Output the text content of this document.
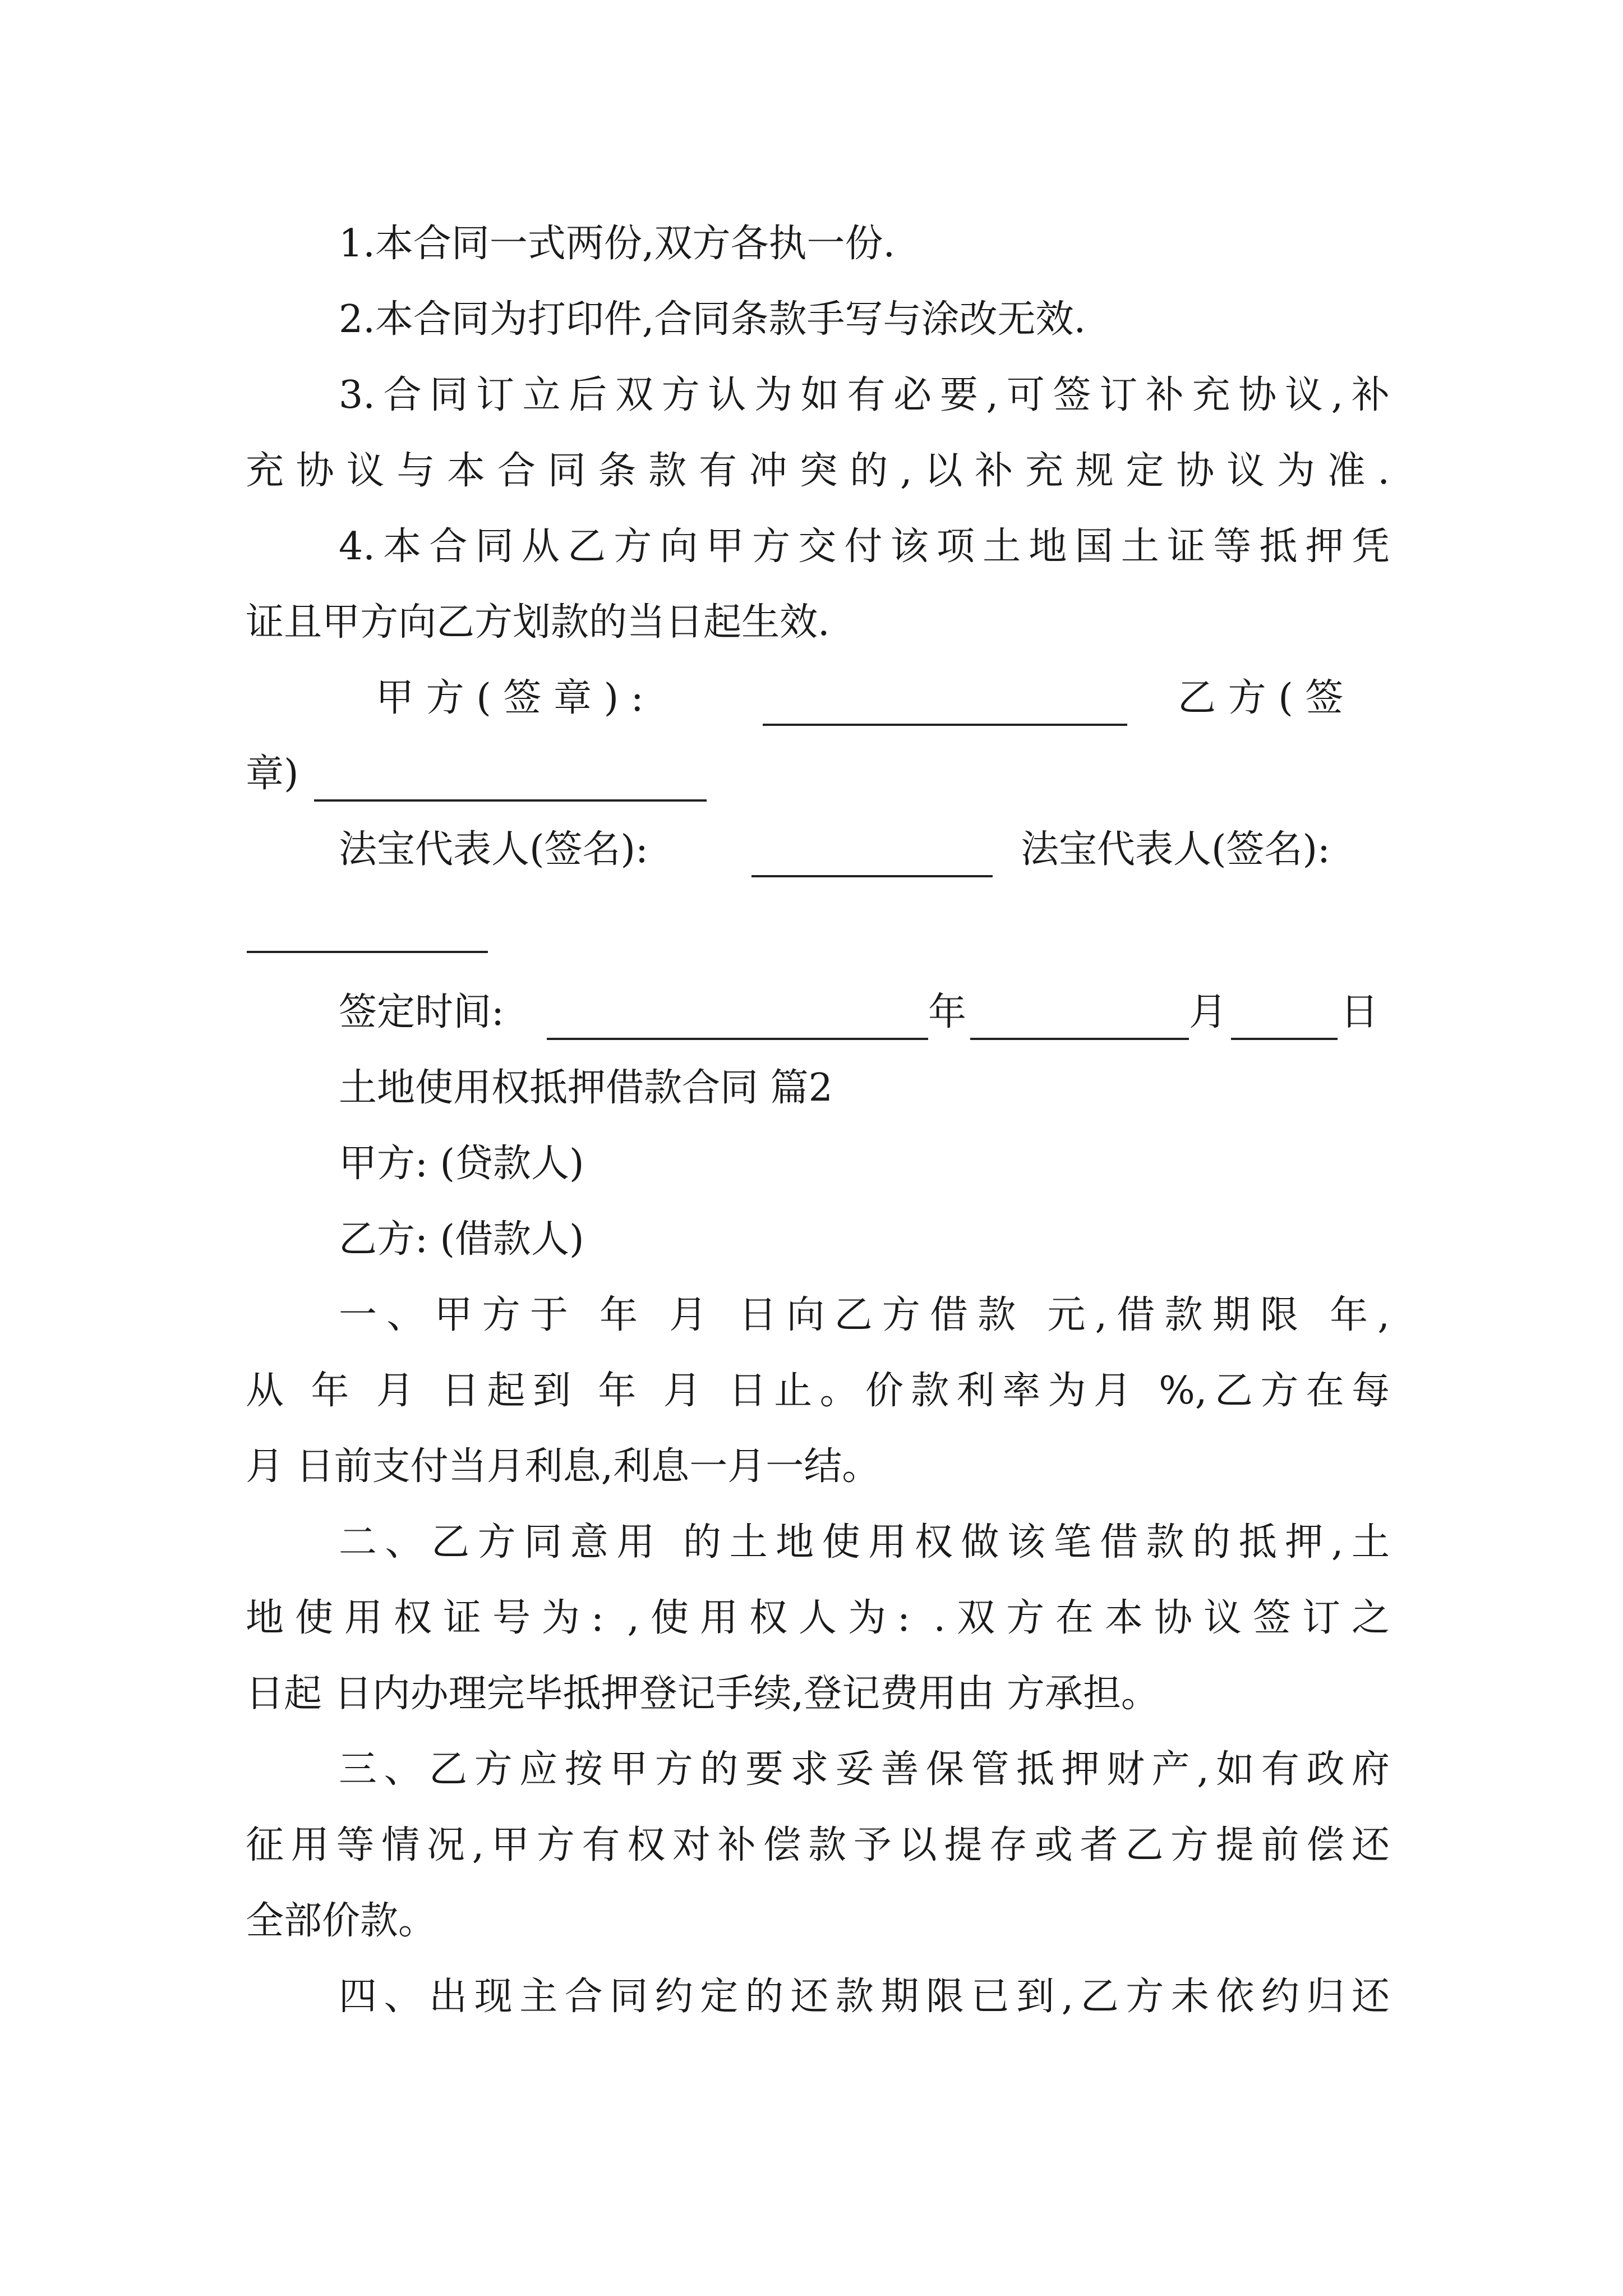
1.本合同一式两份,双方各执一份.
2.本合同为打印件,合同条款手写与涂改无效.
3.合同订立后双方认为如有必要,可签订补充协议,补
充协议与本合同条款有冲突的,以补充规定协议为准.
4.本合同从乙方向甲方交付该项土地国土证等抵押凭
证且甲方向乙方划款的当日起生效.
甲 方 ( 签 章 ) :	乙 方 ( 签
章)
法宝代表人(签名):	法宝代表人(签名):
签定时间:	年	月	日
土地使用权抵押借款合同 篇2
甲方: (贷款人)
乙方: (借款人)
一、甲方于 年 月 日向乙方借款 元,借款期限 年,
从 年 月 日起到 年 月 日止。价款利率为月 %,乙方在每
月 日前支付当月利息,利息一月一结。
二、乙方同意用 的土地使用权做该笔借款的抵押,土
地使用权证号为: ,使用权人为: .双方在本协议签订之
日起 日内办理完毕抵押登记手续,登记费用由 方承担。
三、乙方应按甲方的要求妥善保管抵押财产,如有政府
征用等情况,甲方有权对补偿款予以提存或者乙方提前偿还
全部价款。
四、出现主合同约定的还款期限已到,乙方未依约归还
